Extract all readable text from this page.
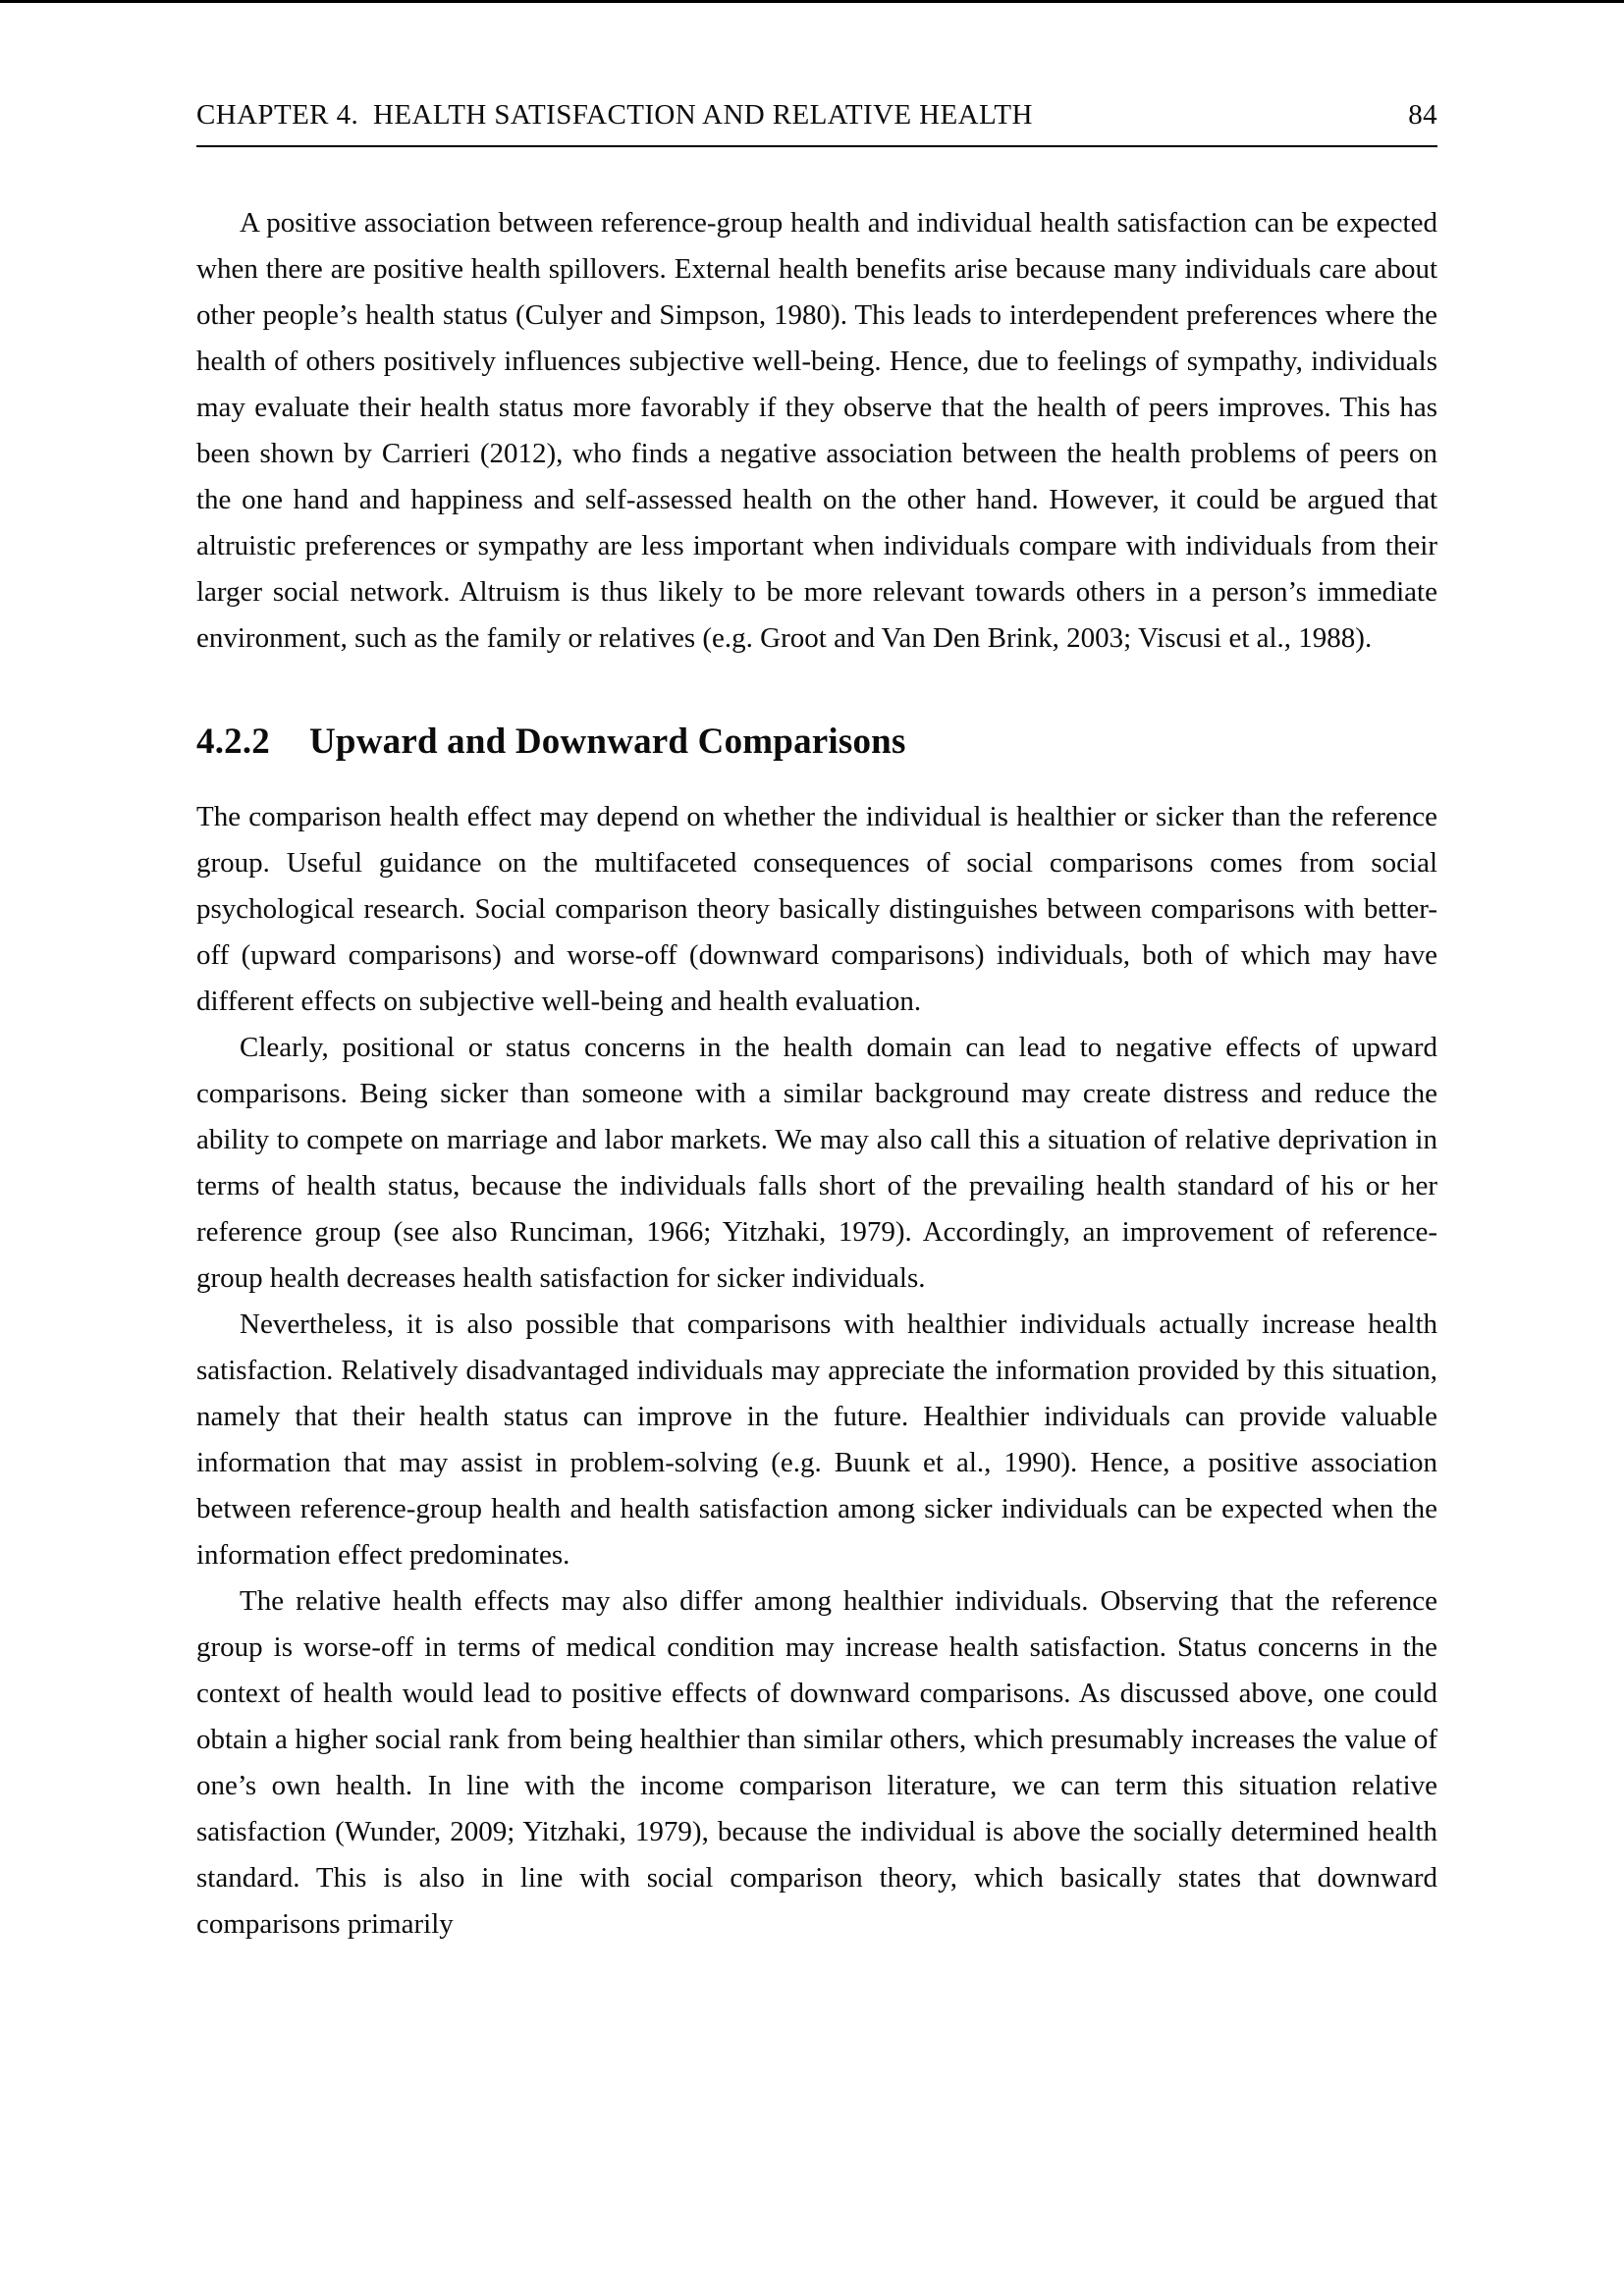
CHAPTER 4. HEALTH SATISFACTION AND RELATIVE HEALTH	84

A positive association between reference-group health and individual health satisfaction can be expected when there are positive health spillovers. External health benefits arise because many individuals care about other people’s health status (Culyer and Simpson, 1980). This leads to interdependent preferences where the health of others positively influences subjective well-being. Hence, due to feelings of sympathy, individuals may evaluate their health status more favorably if they observe that the health of peers improves. This has been shown by Carrieri (2012), who finds a negative association between the health problems of peers on the one hand and happiness and self-assessed health on the other hand. However, it could be argued that altruistic preferences or sympathy are less important when individuals compare with individuals from their larger social network. Altruism is thus likely to be more relevant towards others in a person’s immediate environment, such as the family or relatives (e.g. Groot and Van Den Brink, 2003; Viscusi et al., 1988).

4.2.2 Upward and Downward Comparisons

The comparison health effect may depend on whether the individual is healthier or sicker than the reference group. Useful guidance on the multifaceted consequences of social comparisons comes from social psychological research. Social comparison theory basically distinguishes between comparisons with better-off (upward comparisons) and worse-off (downward comparisons) individuals, both of which may have different effects on subjective well-being and health evaluation.

Clearly, positional or status concerns in the health domain can lead to negative effects of upward comparisons. Being sicker than someone with a similar background may create distress and reduce the ability to compete on marriage and labor markets. We may also call this a situation of relative deprivation in terms of health status, because the individuals falls short of the prevailing health standard of his or her reference group (see also Runciman, 1966; Yitzhaki, 1979). Accordingly, an improvement of reference-group health decreases health satisfaction for sicker individuals.

Nevertheless, it is also possible that comparisons with healthier individuals actually increase health satisfaction. Relatively disadvantaged individuals may appreciate the information provided by this situation, namely that their health status can improve in the future. Healthier individuals can provide valuable information that may assist in problem-solving (e.g. Buunk et al., 1990). Hence, a positive association between reference-group health and health satisfaction among sicker individuals can be expected when the information effect predominates.

The relative health effects may also differ among healthier individuals. Observing that the reference group is worse-off in terms of medical condition may increase health satisfaction. Status concerns in the context of health would lead to positive effects of downward comparisons. As discussed above, one could obtain a higher social rank from being healthier than similar others, which presumably increases the value of one’s own health. In line with the income comparison literature, we can term this situation relative satisfaction (Wunder, 2009; Yitzhaki, 1979), because the individual is above the socially determined health standard. This is also in line with social comparison theory, which basically states that downward comparisons primarily
